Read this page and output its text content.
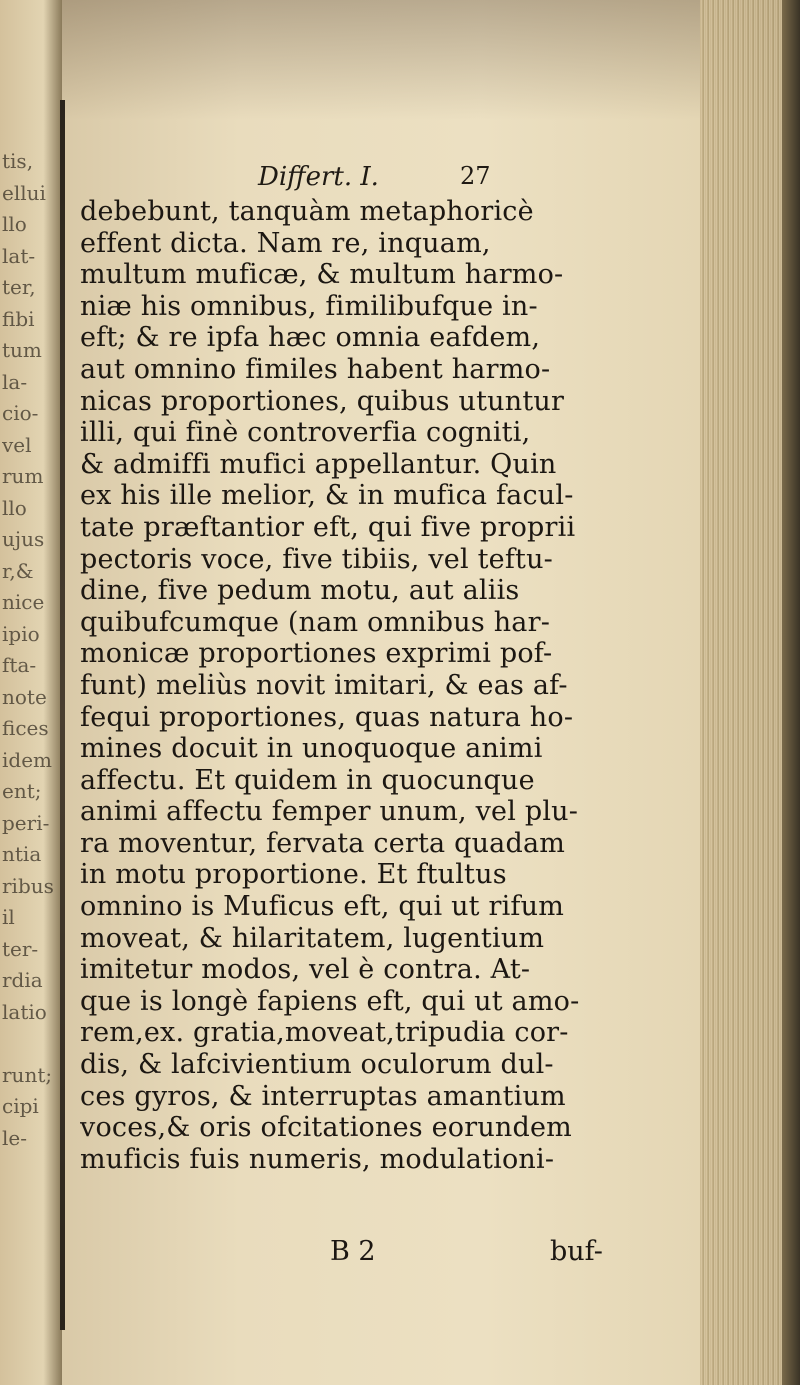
tis,
ellui
llo
lat-
ter,
fibi
tum
la-
cio-
vel
rum
llo
ujus
r,&
nice
ipio
fta-
note
fices
idem
ent;
peri-
ntia
ribus
il
ter-
rdia
latio
runt;
cipi
le-
Differt. I.	27
debebunt, tanquàm metaphoricè
effent dicta. Nam re, inquam,
multum muficæ, & multum harmo-
niæ his omnibus, fimilibufque in-
eft; & re ipfa hæc omnia eafdem,
aut omnino fimiles habent harmo-
nicas proportiones, quibus utuntur
illi, qui finè controverfia cogniti,
& admiffi mufici appellantur. Quin
ex his ille melior, & in mufica facul-
tate præftantior eft, qui five proprii
pectoris voce, five tibiis, vel teftu-
dine, five pedum motu, aut aliis
quibufcumque (nam omnibus har-
monicæ proportiones exprimi pof-
funt) meliùs novit imitari, & eas af-
fequi proportiones, quas natura ho-
mines docuit in unoquoque animi
affectu. Et quidem in quocunque
animi affectu femper unum, vel plu-
ra moventur, fervata certa quadam
in motu proportione. Et ftultus
omnino is Muficus eft, qui ut rifum
moveat, & hilaritatem, lugentium
imitetur modos, vel è contra. At-
que is longè fapiens eft, qui ut amo-
rem,ex. gratia,moveat,tripudia cor-
dis, & lafcivientium oculorum dul-
ces gyros, & interruptas amantium
voces,& oris ofcitationes eorundem
muficis fuis numeris, modulationi-
B 2	buf-
